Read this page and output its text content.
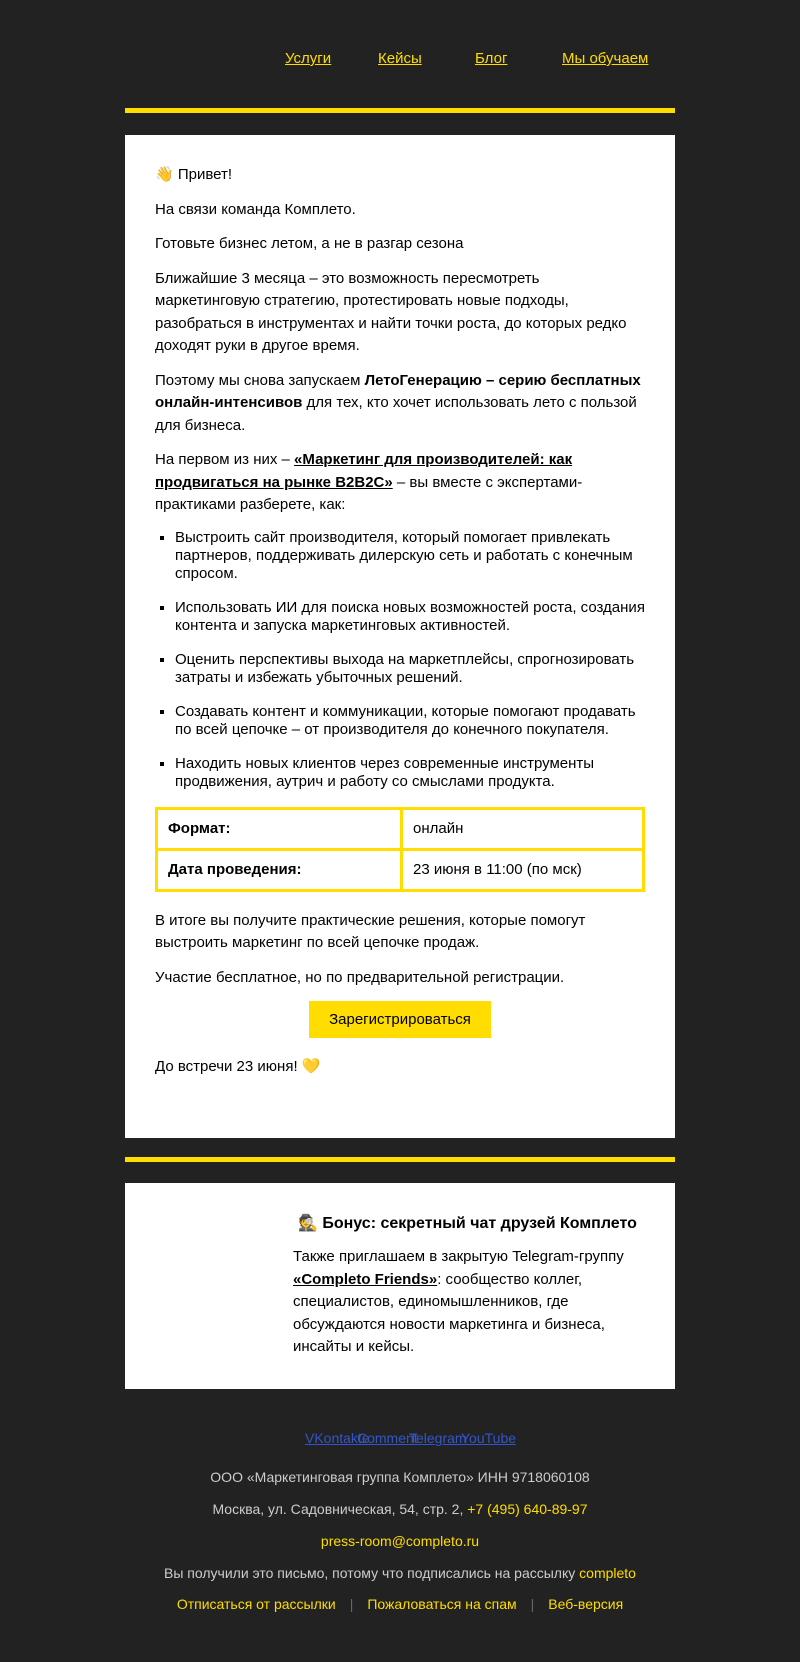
Услуги	Кейсы	Блог	Мы обучаем

👋 Привет!

На связи команда Комплето.

Готовьте бизнес летом, а не в разгар сезона

Ближайшие 3 месяца – это возможность пересмотреть маркетинговую стратегию, протестировать новые подходы, разобраться в инструментах и найти точки роста, до которых редко доходят руки в другое время.

Поэтому мы снова запускаем ЛетоГенерацию – серию бесплатных онлайн-интенсивов для тех, кто хочет использовать лето с пользой для бизнеса.

На первом из них – «Маркетинг для производителей: как продвигаться на рынке B2B2C» – вы вместе с экспертами-практиками разберете, как:

▪ Выстроить сайт производителя, который помогает привлекать партнеров, поддерживать дилерскую сеть и работать с конечным спросом.
▪ Использовать ИИ для поиска новых возможностей роста, создания контента и запуска маркетинговых активностей.
▪ Оценить перспективы выхода на маркетплейсы, спрогнозировать затраты и избежать убыточных решений.
▪ Создавать контент и коммуникации, которые помогают продавать по всей цепочке – от производителя до конечного покупателя.
▪ Находить новых клиентов через современные инструменты продвижения, аутрич и работу со смыслами продукта.
Формат:	онлайн
Дата проведения:	23 июня в 11:00 (по мск)

В итоге вы получите практические решения, которые помогут выстроить маркетинг по всей цепочке продаж.

Участие бесплатное, но по предварительной регистрации.

Зарегистрироваться

До встречи 23 июня! 💛

🕵️ Бонус: секретный чат друзей Комплето

Также приглашаем в закрытую Telegram-группу «Completo Friends»: сообщество коллег, специалистов, единомышленников, где обсуждаются новости маркетинга и бизнеса, инсайты и кейсы.

VKontakte
Comment
Telegram
YouTube
ООО «Маркетинговая группа Комплето» ИНН 9718060108
Москва, ул. Садовническая, 54, стр. 2, +7 (495) 640-89-97
press-room@completo.ru
Вы получили это письмо, потому что подписались на рассылку completo
Отписаться от рассылки | Пожаловаться на спам | Веб-версия
